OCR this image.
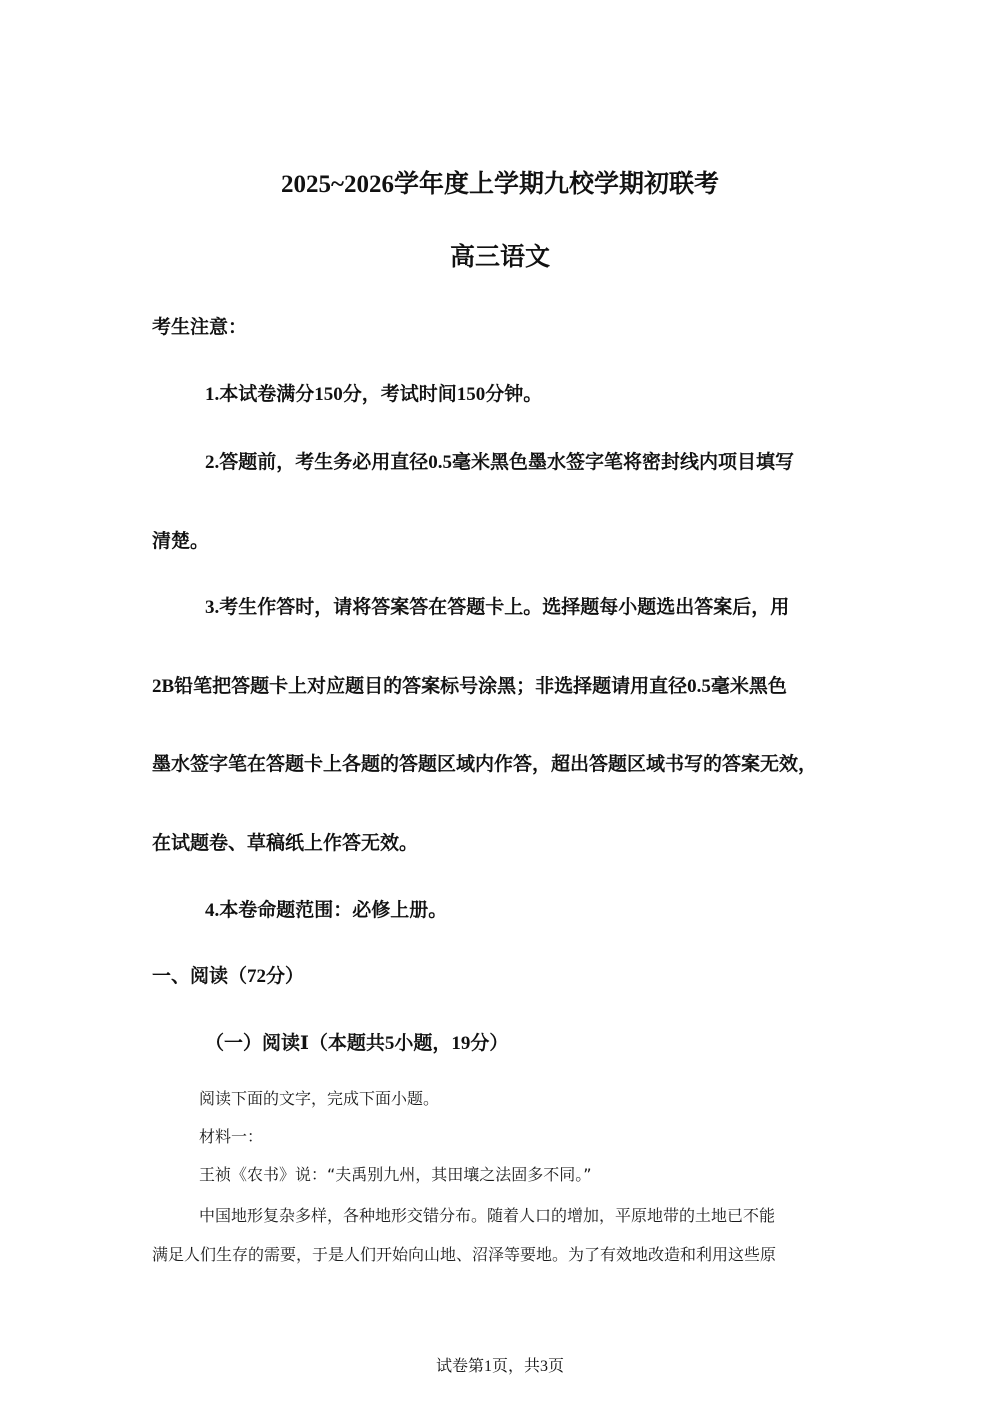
2025~2026学年度上学期九校学期初联考
高三语文

考生注意：

1.本试卷满分150分，考试时间150分钟。

2.答题前，考生务必用直径0.5毫米黑色墨水签字笔将密封线内项目填写

清楚。

3.考生作答时，请将答案答在答题卡上。选择题每小题选出答案后，用

2B铅笔把答题卡上对应题目的答案标号涂黑；非选择题请用直径0.5毫米黑色

墨水签字笔在答题卡上各题的答题区域内作答，超出答题区域书写的答案无效，

在试题卷、草稿纸上作答无效。

4.本卷命题范围：必修上册。

一、阅读（72分）

（一）阅读Ⅰ（本题共5小题，19分）

阅读下面的文字，完成下面小题。

材料一：

王祯《农书》说：“夫禹别九州，其田壤之法固多不同。”

中国地形复杂多样，各种地形交错分布。随着人口的增加，平原地带的土地已不能

满足人们生存的需要，于是人们开始向山地、沼泽等要地。为了有效地改造和利用这些原

试卷第1页，共3页
